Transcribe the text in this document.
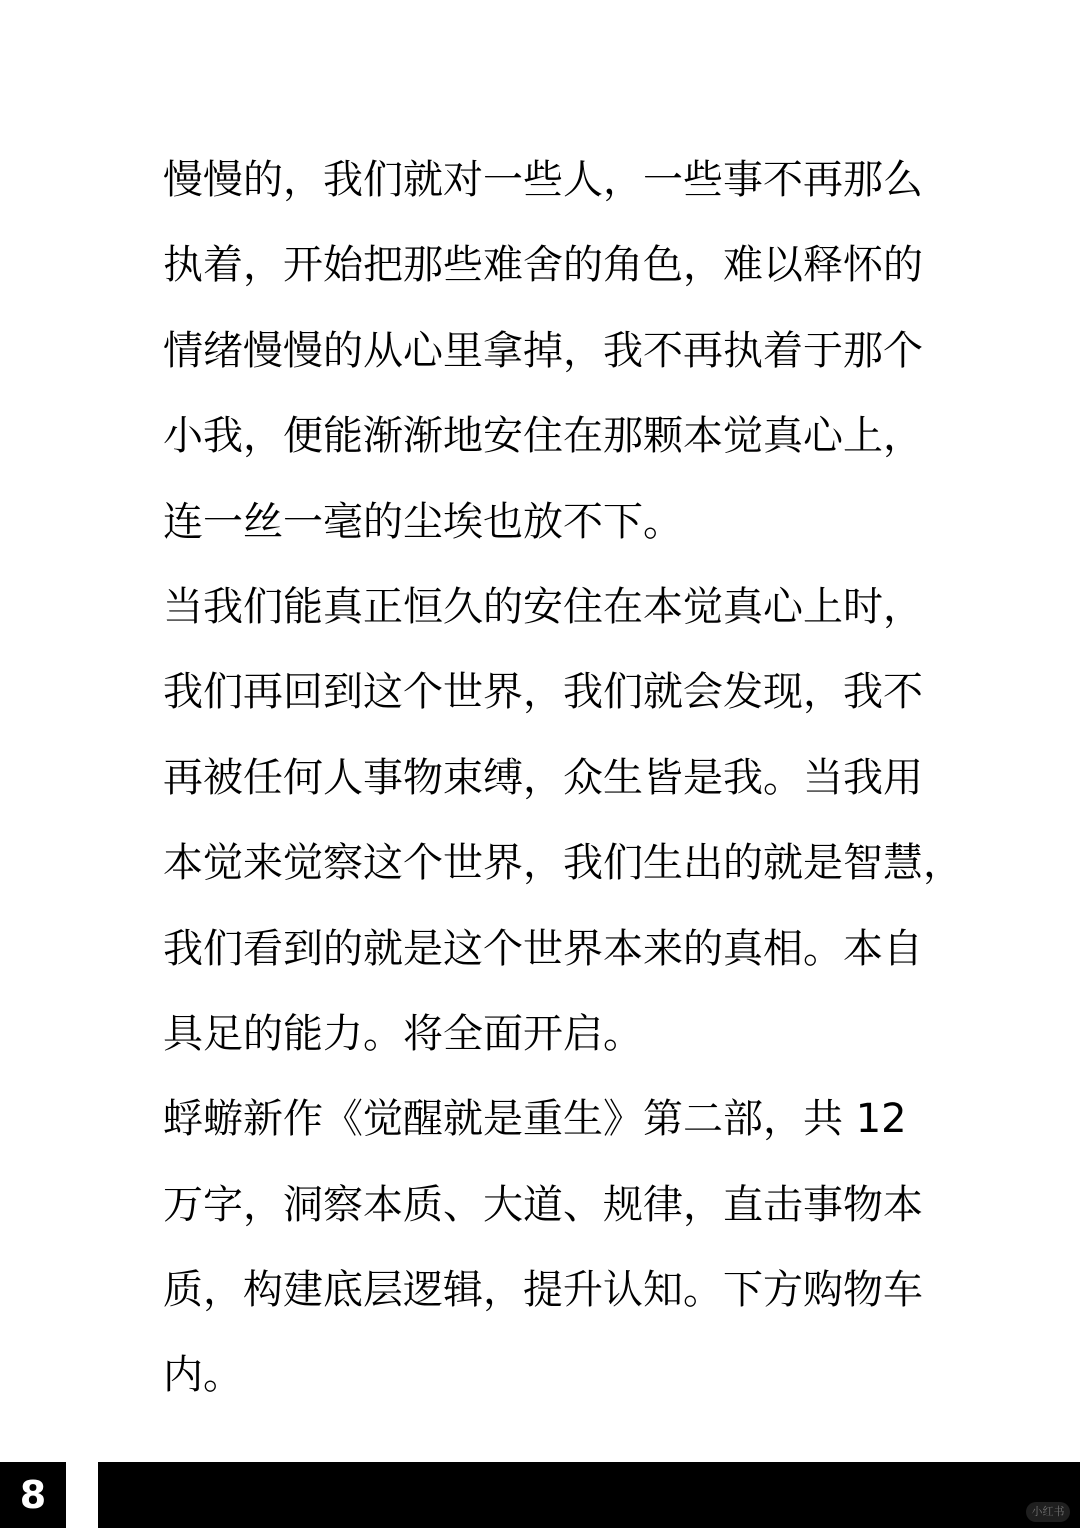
慢慢的，我们就对一些人，一些事不再那么
执着，开始把那些难舍的角色，难以释怀的
情绪慢慢的从心里拿掉，我不再执着于那个
小我，便能渐渐地安住在那颗本觉真心上，
连一丝一毫的尘埃也放不下。
当我们能真正恒久的安住在本觉真心上时，
我们再回到这个世界，我们就会发现，我不
再被任何人事物束缚，众生皆是我。当我用
本觉来觉察这个世界，我们生出的就是智慧，
我们看到的就是这个世界本来的真相。本自
具足的能力。将全面开启。
蜉蝣新作《觉醒就是重生》第二部，共 12
万字，洞察本质、大道、规律，直击事物本
质，构建底层逻辑，提升认知。下方购物车
内。
8	小红书
